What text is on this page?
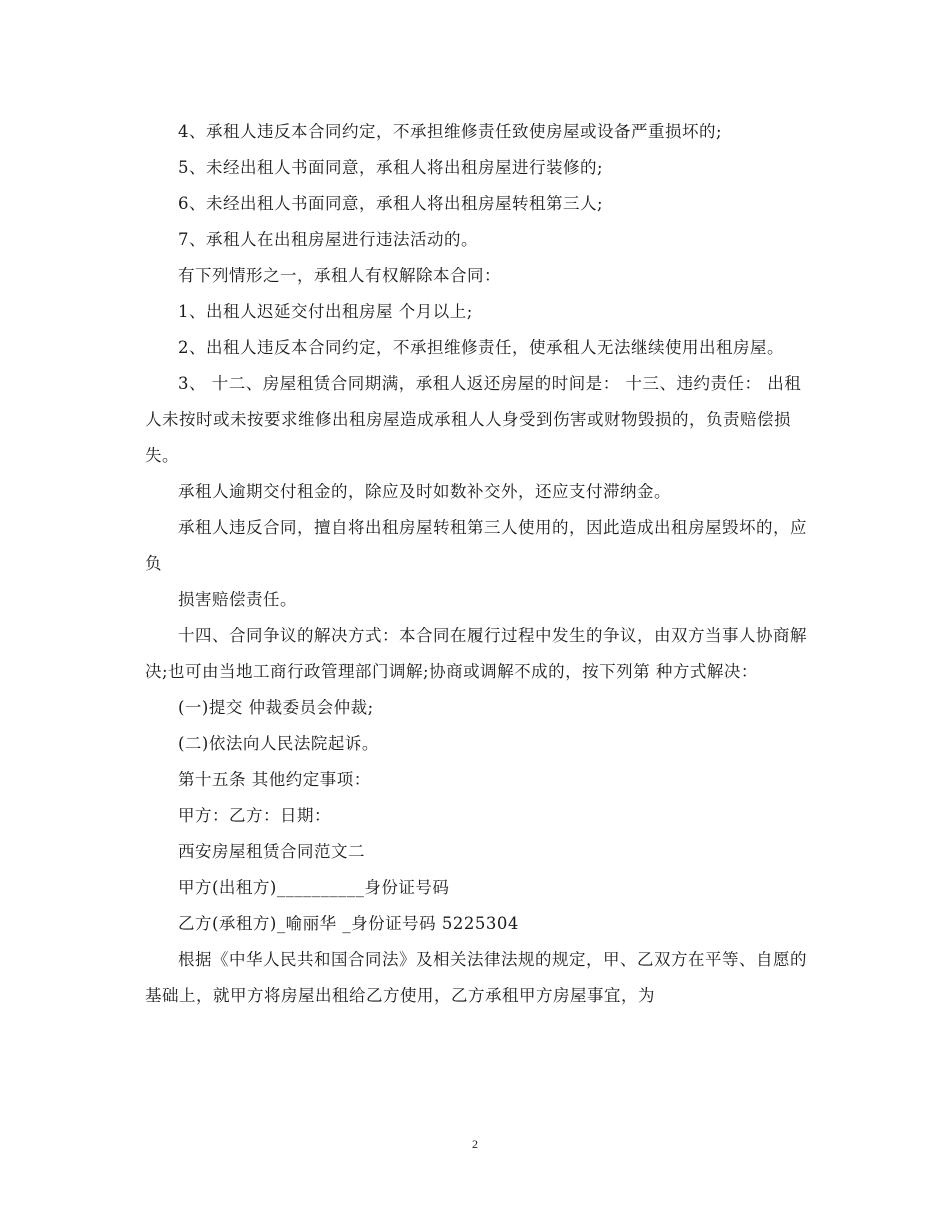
4、承租人违反本合同约定，不承担维修责任致使房屋或设备严重损坏的;

5、未经出租人书面同意，承租人将出租房屋进行装修的;

6、未经出租人书面同意，承租人将出租房屋转租第三人;

7、承租人在出租房屋进行违法活动的。

有下列情形之一，承租人有权解除本合同：

1、出租人迟延交付出租房屋 个月以上;

2、出租人违反本合同约定，不承担维修责任，使承租人无法继续使用出租房屋。

3、 十二、房屋租赁合同期满，承租人返还房屋的时间是： 十三、违约责任： 出租人未按时或未按要求维修出租房屋造成承租人人身受到伤害或财物毁损的，负责赔偿损失。

承租人逾期交付租金的，除应及时如数补交外，还应支付滞纳金。

承租人违反合同，擅自将出租房屋转租第三人使用的，因此造成出租房屋毁坏的，应负

损害赔偿责任。

十四、合同争议的解决方式：本合同在履行过程中发生的争议，由双方当事人协商解决;也可由当地工商行政管理部门调解;协商或调解不成的，按下列第 种方式解决：

(一)提交 仲裁委员会仲裁;

(二)依法向人民法院起诉。

第十五条 其他约定事项：

甲方：乙方：日期：

西安房屋租赁合同范文二

甲方(出租方)__________身份证号码

乙方(承租方)_喻丽华 _身份证号码 5225304

根据《中华人民共和国合同法》及相关法律法规的规定，甲、乙双方在平等、自愿的基础上，就甲方将房屋出租给乙方使用，乙方承租甲方房屋事宜，为

2
